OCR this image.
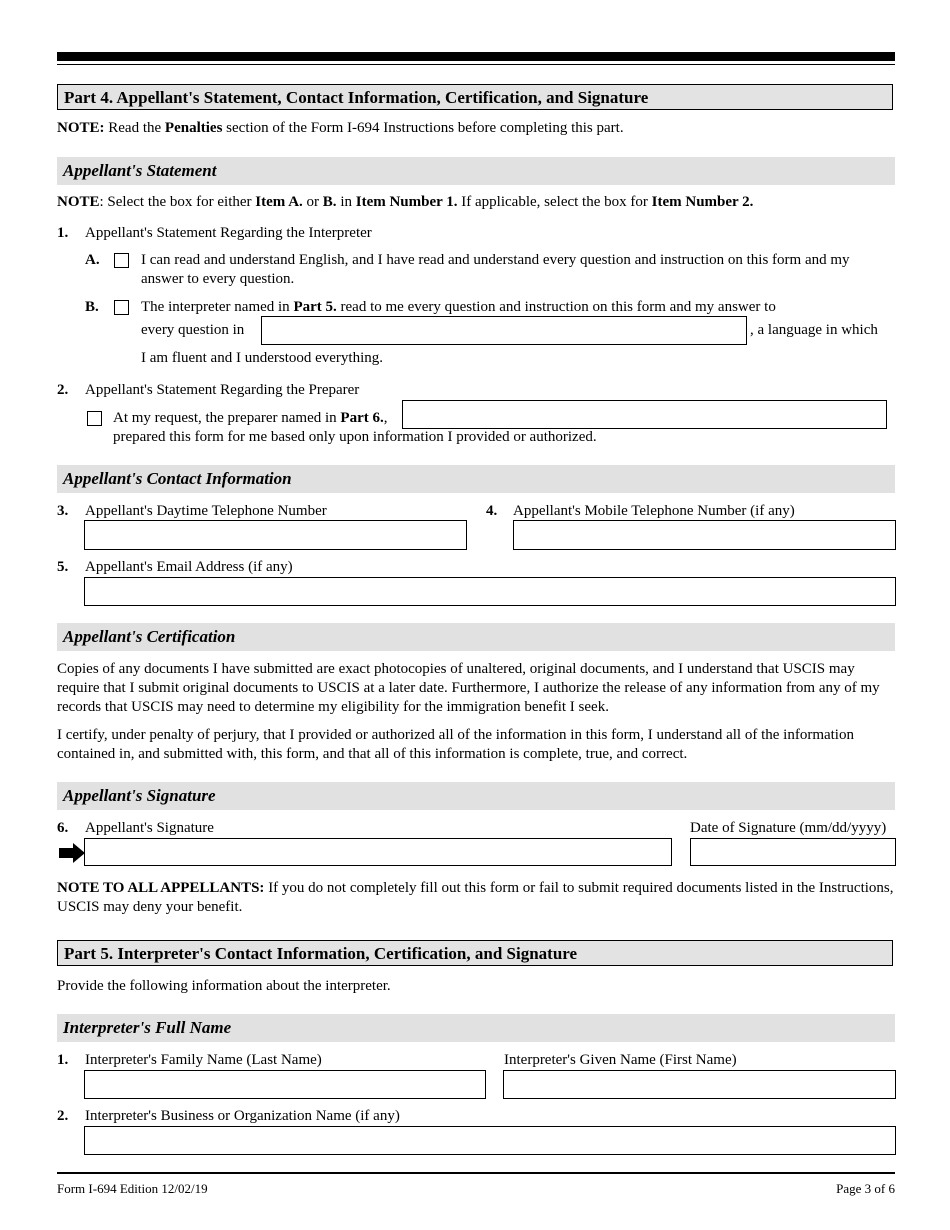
Part 4. Appellant's Statement, Contact Information, Certification, and Signature
NOTE: Read the Penalties section of the Form I-694 Instructions before completing this part.
Appellant's Statement
NOTE: Select the box for either Item A. or B. in Item Number 1. If applicable, select the box for Item Number 2.
1. Appellant's Statement Regarding the Interpreter
A.	I can read and understand English, and I have read and understand every question and instruction on this form and my
answer to every question.
B.	The interpreter named in Part 5. read to me every question and instruction on this form and my answer to
every question in	, a language in which
I am fluent and I understood everything.
2. Appellant's Statement Regarding the Preparer
At my request, the preparer named in Part 6.,
prepared this form for me based only upon information I provided or authorized.
Appellant's Contact Information
3. Appellant's Daytime Telephone Number	4. Appellant's Mobile Telephone Number (if any)
5. Appellant's Email Address (if any)
Appellant's Certification
Copies of any documents I have submitted are exact photocopies of unaltered, original documents, and I understand that USCIS may require that I submit original documents to USCIS at a later date. Furthermore, I authorize the release of any information from any of my records that USCIS may need to determine my eligibility for the immigration benefit I seek.
I certify, under penalty of perjury, that I provided or authorized all of the information in this form, I understand all of the information contained in, and submitted with, this form, and that all of this information is complete, true, and correct.
Appellant's Signature
6. Appellant's Signature	Date of Signature (mm/dd/yyyy)
NOTE TO ALL APPELLANTS: If you do not completely fill out this form or fail to submit required documents listed in the Instructions, USCIS may deny your benefit.
Part 5. Interpreter's Contact Information, Certification, and Signature
Provide the following information about the interpreter.
Interpreter's Full Name
1. Interpreter's Family Name (Last Name)	Interpreter's Given Name (First Name)
2. Interpreter's Business or Organization Name (if any)
Form I-694 Edition 12/02/19	Page 3 of 6
